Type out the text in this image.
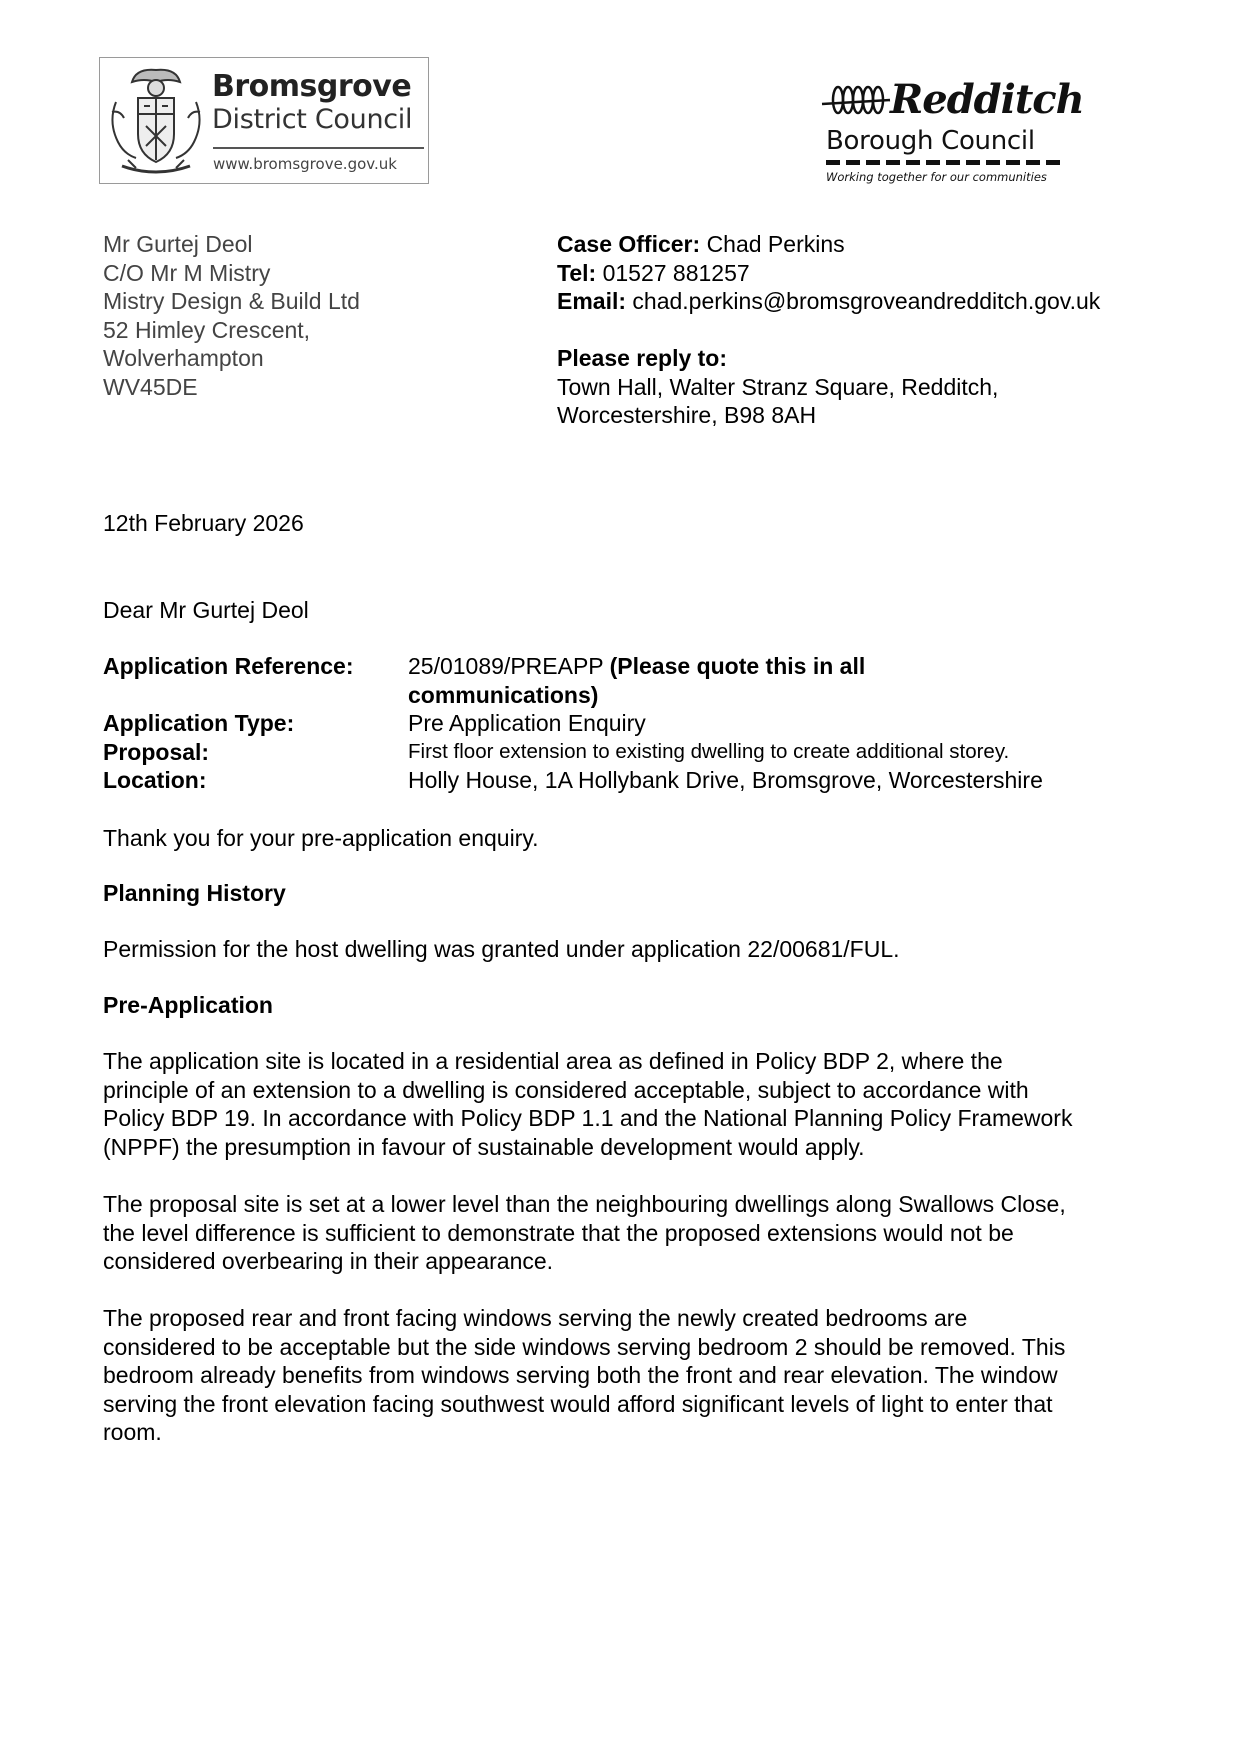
Bromsgrove
District Council
www.bromsgrove.gov.uk
Redditch
Borough Council
Working together for our communities
Mr Gurtej Deol
C/O Mr M Mistry
Mistry Design & Build Ltd
52 Himley Crescent,
Wolverhampton
WV45DE
Case Officer: Chad Perkins
Tel: 01527 881257
Email: chad.perkins@bromsgroveandredditch.gov.uk
Please reply to:
Town Hall, Walter Stranz Square, Redditch,
Worcestershire, B98 8AH
12th February 2026
Dear Mr Gurtej Deol
Application Reference: 25/01089/PREAPP (Please quote this in all
communications)
Application Type:	Pre Application Enquiry
Proposal:	First floor extension to existing dwelling to create additional storey.
Location:	Holly House, 1A Hollybank Drive, Bromsgrove, Worcestershire
Thank you for your pre-application enquiry.
Planning History
Permission for the host dwelling was granted under application 22/00681/FUL.
Pre-Application
The application site is located in a residential area as defined in Policy BDP 2, where the
principle of an extension to a dwelling is considered acceptable, subject to accordance with
Policy BDP 19. In accordance with Policy BDP 1.1 and the National Planning Policy Framework
(NPPF) the presumption in favour of sustainable development would apply.
The proposal site is set at a lower level than the neighbouring dwellings along Swallows Close,
the level difference is sufficient to demonstrate that the proposed extensions would not be
considered overbearing in their appearance.
The proposed rear and front facing windows serving the newly created bedrooms are
considered to be acceptable but the side windows serving bedroom 2 should be removed. This
bedroom already benefits from windows serving both the front and rear elevation. The window
serving the front elevation facing southwest would afford significant levels of light to enter that
room.
